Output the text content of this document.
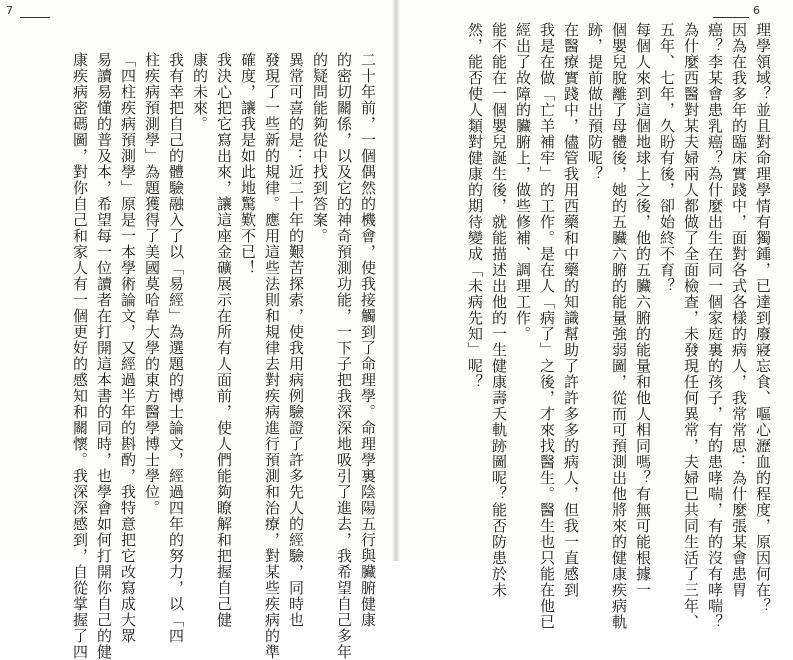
7
二十年前，一個偶然的機會，使我接觸到了命理學。命理學裏陰陽五行與臟腑健康
的密切關係，以及它的神奇預測功能，一下子把我深深地吸引了進去，我希望自己多年
的疑問能夠從中找到答案。
異常可喜的是：近二十年的艱苦探索，使我用病例驗證了許多先人的經驗，同時也
發現了一些新的規律。應用這些法則和規律去對疾病進行預測和治療，對某些疾病的準
確度，讓我是如此地驚歎不已！
我決心把它寫出來，讓這座金礦展示在所有人面前，使人們能夠瞭解和把握自己健
康的未來。
我有幸把自己的體驗融入了以「易經」為選題的博士論文，經過四年的努力，以「四
柱疾病預測學」為題獲得了美國莫哈韋大學的東方醫學博士學位。
「四柱疾病預測學」原是一本學術論文，又經過半年的斟酌，我特意把它改寫成大眾
易讀易懂的普及本，希望每一位讀者在打開這本書的同時，也學會如何打開你自己的健
康疾病密碼圖，對你自己和家人有一個更好的感知和關懷。我深深感到，自從掌握了四
6
理學領域？並且對命理學情有獨鍾，已達到廢寢忘食、嘔心瀝血的程度，原因何在？
因為在我多年的臨床實踐中，面對各式各樣的病人，我常常思：為什麼張某會患胃
癌？李某會患乳癌？為什麼出生在同一個家庭裏的孩子，有的患哮喘，有的沒有哮喘？
為什麼西醫對某夫婦兩人都做了全面檢查，未發現任何異常，夫婦已共同生活了三年、
五年、七年，久盼有後，卻始終不育？
每個人來到這個地球上之後，他的五臟六腑的能量和他人相同嗎？有無可能根據一
個嬰兒脫離了母體後，她的五臟六腑的能量強弱圖，從而可預測出他將來的健康疾病軌
跡，提前做出預防呢？
在醫療實踐中，儘管我用西藥和中藥的知識幫助了許許多多的病人，但我一直感到
我是在做「亡羊補牢」的工作。是在人「病了」之後，才來找醫生。醫生也只能在他已
經出了故障的臟腑上，做些修補、調理工作。
能不能在一個嬰兒誕生後，就能描述出他的一生健康壽夭軌跡圖呢？能否防患於未
然，能否使人類對健康的期待變成「未病先知」呢？
